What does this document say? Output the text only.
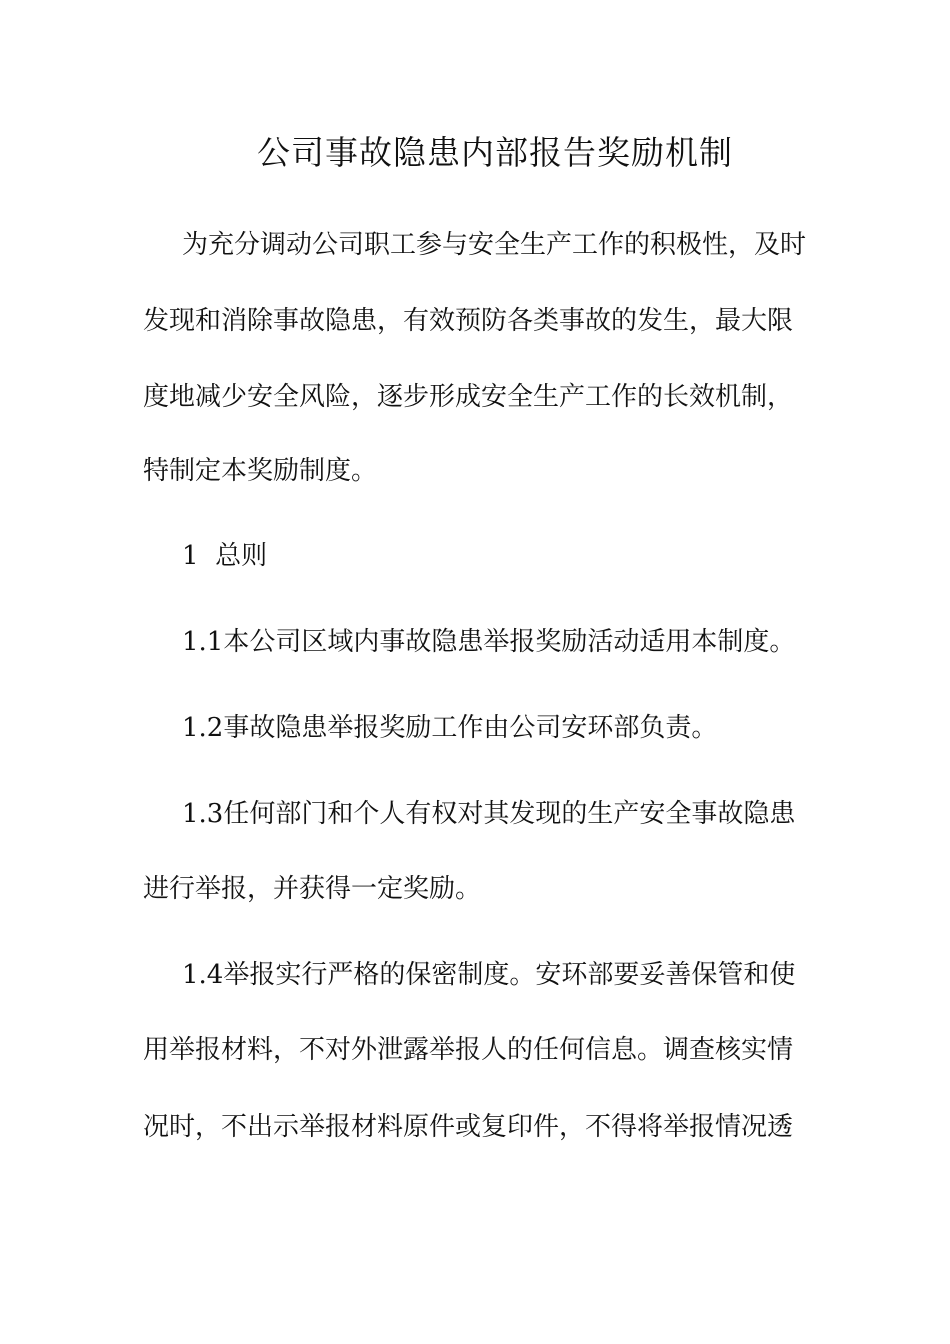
公司事故隐患内部报告奖励机制
为充分调动公司职工参与安全生产工作的积极性，及时
发现和消除事故隐患，有效预防各类事故的发生，最大限
度地减少安全风险，逐步形成安全生产工作的长效机制，
特制定本奖励制度。
1  总则
1.1本公司区域内事故隐患举报奖励活动适用本制度。
1.2事故隐患举报奖励工作由公司安环部负责。
1.3任何部门和个人有权对其发现的生产安全事故隐患
进行举报，并获得一定奖励。
1.4举报实行严格的保密制度。安环部要妥善保管和使
用举报材料，不对外泄露举报人的任何信息。调查核实情
况时，不出示举报材料原件或复印件，不得将举报情况透
